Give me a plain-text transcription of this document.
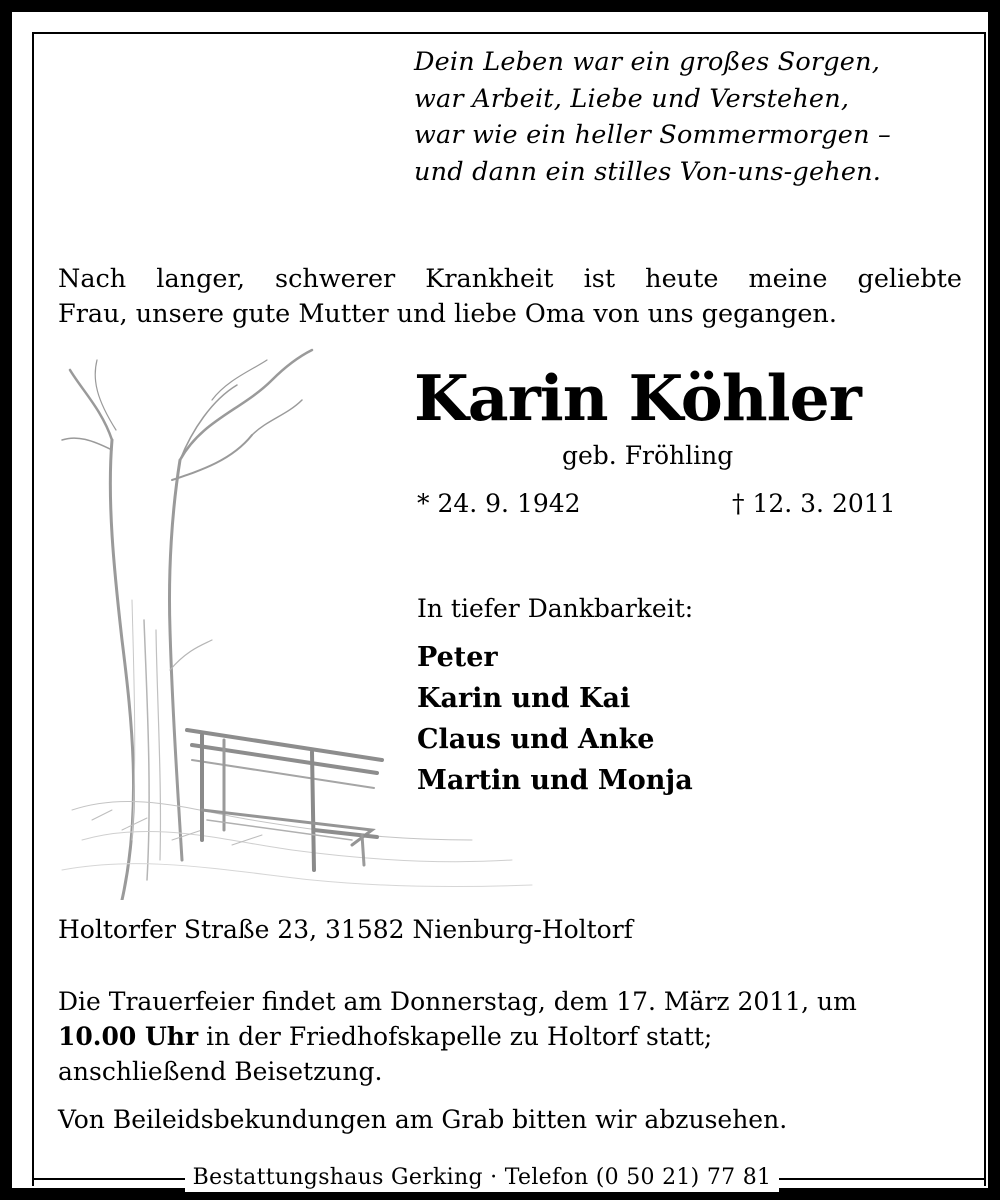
Dein Leben war ein großes Sorgen,
war Arbeit, Liebe und Verstehen,
war wie ein heller Sommermorgen –
und dann ein stilles Von-uns-gehen.
Nach langer, schwerer Krankheit ist heute meine geliebte
Frau, unsere gute Mutter und liebe Oma von uns gegangen.
Karin Köhler
geb. Fröhling
* 24. 9. 1942	† 12. 3. 2011
In tiefer Dankbarkeit:
Peter
Karin und Kai
Claus und Anke
Martin und Monja
Holtorfer Straße 23, 31582 Nienburg-Holtorf
Die Trauerfeier findet am Donnerstag, dem 17. März 2011, um
10.00 Uhr in der Friedhofskapelle zu Holtorf statt;
anschließend Beisetzung.
Von Beileidsbekundungen am Grab bitten wir abzusehen.
Bestattungshaus Gerking · Telefon (0 50 21) 77 81
